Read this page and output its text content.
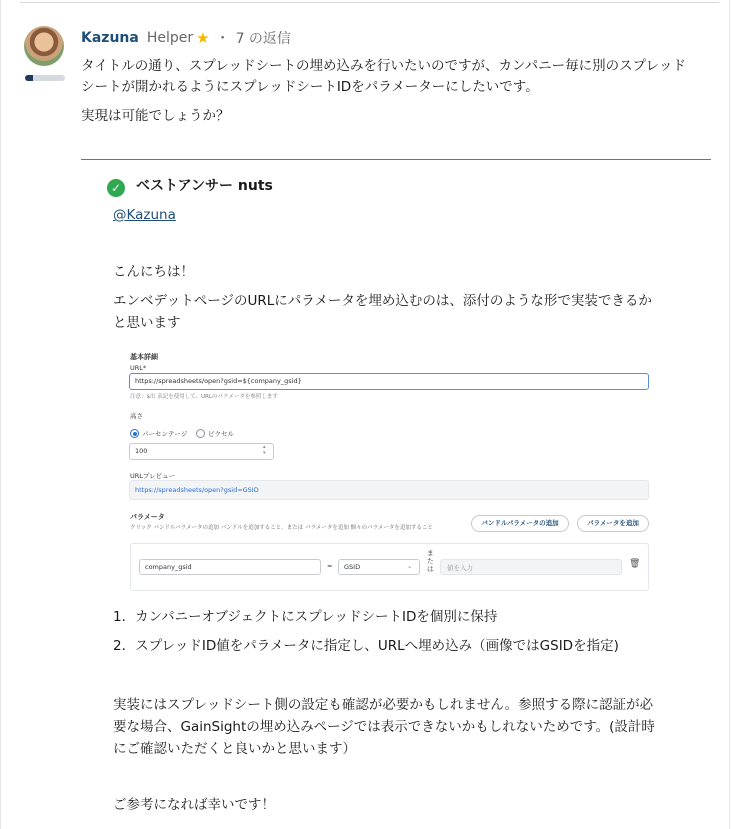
Kazuna Helper ★ ・ 7 の返信
タイトルの通り、スプレッドシートの埋め込みを行いたいのですが、カンパニー毎に別のスプレッド
シートが開かれるようにスプレッドシートIDをパラメーターにしたいです。
実現は可能でしょうか？
✓ ベストアンサー nuts
@Kazuna
こんにちは！
エンベデットページのURLにパラメータを埋め込むのは、添付のような形で実装できるか
と思います
基本詳細
URL*
https://spreadsheets/open?gsid=${company_gsid}
注意：$出 表記を使用して、URLのパラメータを参照します
高さ
パーセンテージ	ピクセル
100	▴
▾
URLプレビュー
https://spreadsheets/open?gsid=GSID
パラメータ
クリック バンドルパラメータの追加 バンドルを追加すること。または パラメータを追加 個々のパラメータを追加すること
バンドルパラメータの追加	パラメータを追加
company_gsid	= GSID	⌄
または 値を入力	🗑
1．カンパニーオブジェクトにスプレッドシートIDを個別に保持
2．スプレッドID値をパラメータに指定し、URLへ埋め込み（画像ではGSIDを指定)
実装にはスプレッドシート側の設定も確認が必要かもしれません。参照する際に認証が必
要な場合、GainSightの埋め込みページでは表示できないかもしれないためです。(設計時
にご確認いただくと良いかと思います）
ご参考になれば幸いです！
